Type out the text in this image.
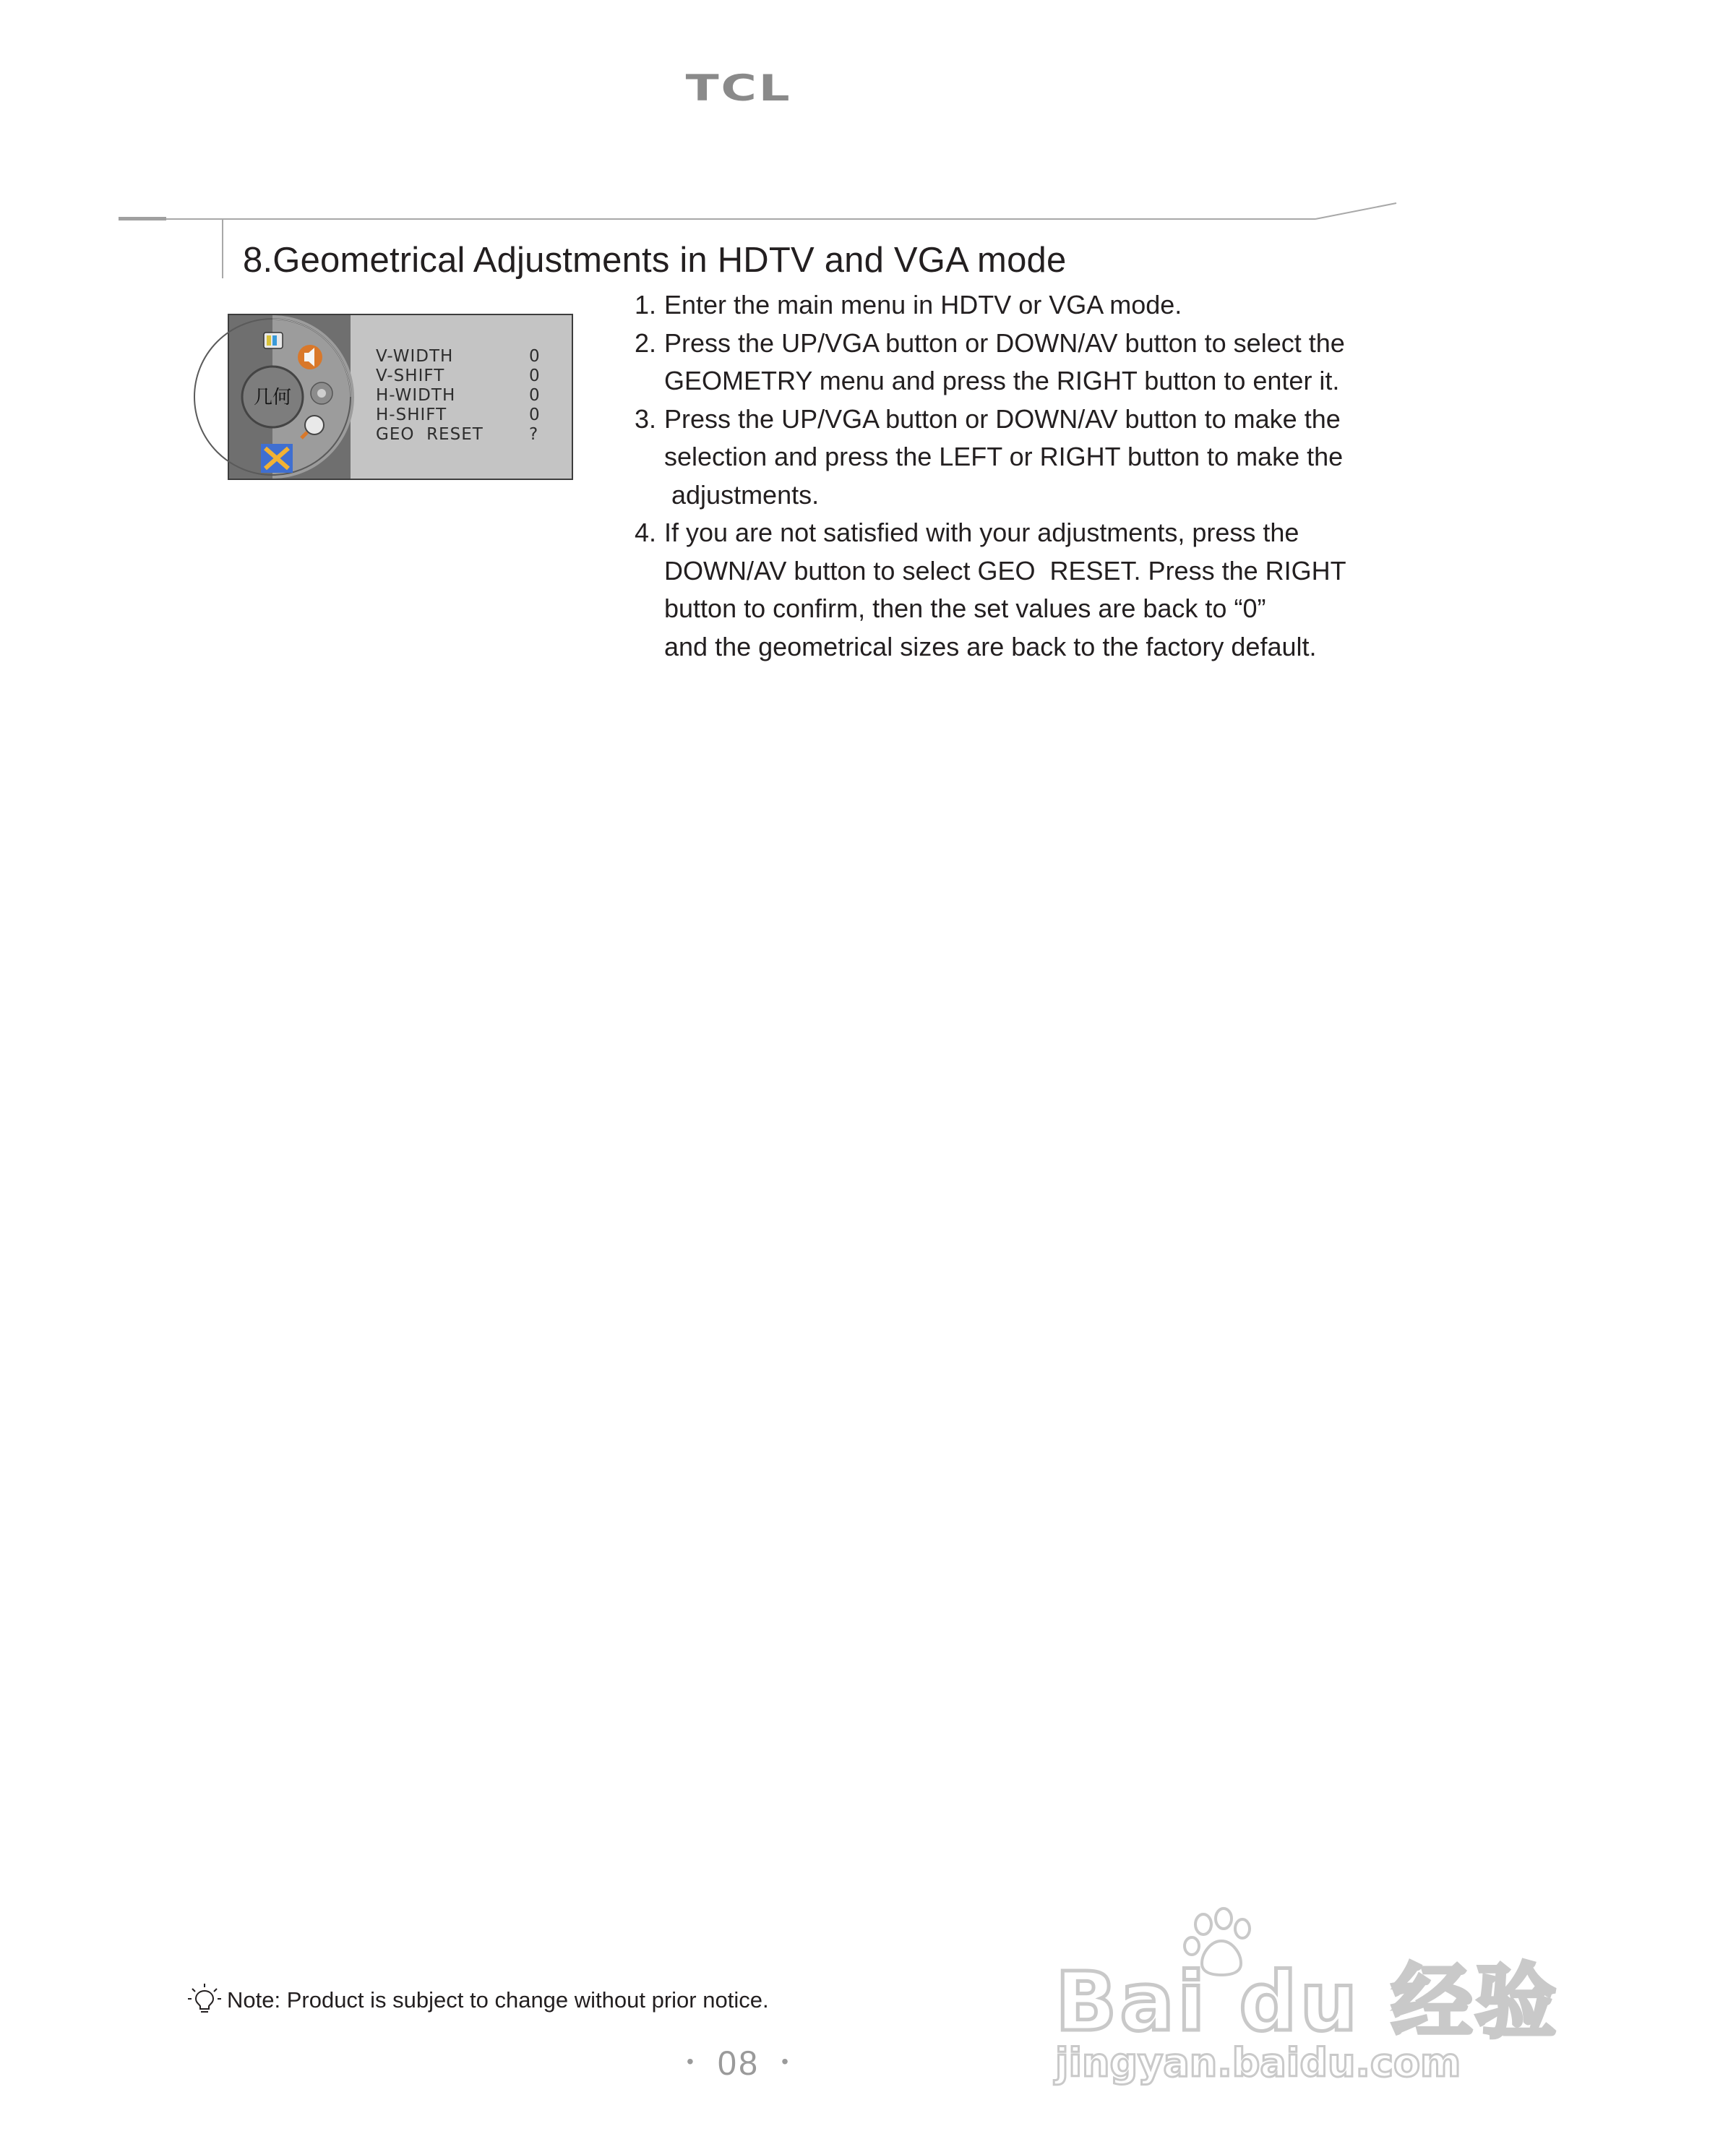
TCL
8.Geometrical Adjustments in HDTV and VGA mode
几何
V-WIDTH	0
V-SHIFT	0
H-WIDTH	0
H-SHIFT	0
GEO  RESET	?
1. Enter the main menu in HDTV or VGA mode.
2. Press the UP/VGA button or DOWN/AV button to select the
GEOMETRY menu and press the RIGHT button to enter it.
3. Press the UP/VGA button or DOWN/AV button to make the
selection and press the LEFT or RIGHT button to make the
adjustments.
4. If you are not satisfied with your adjustments, press the
DOWN/AV button to select GEO  RESET. Press the RIGHT
button to confirm, then the set values are back to “0”
and the geometrical sizes are back to the factory default.
Note: Product is subject to change without prior notice.
• 08 •
Bai du 经验
jingyan.baidu.com
